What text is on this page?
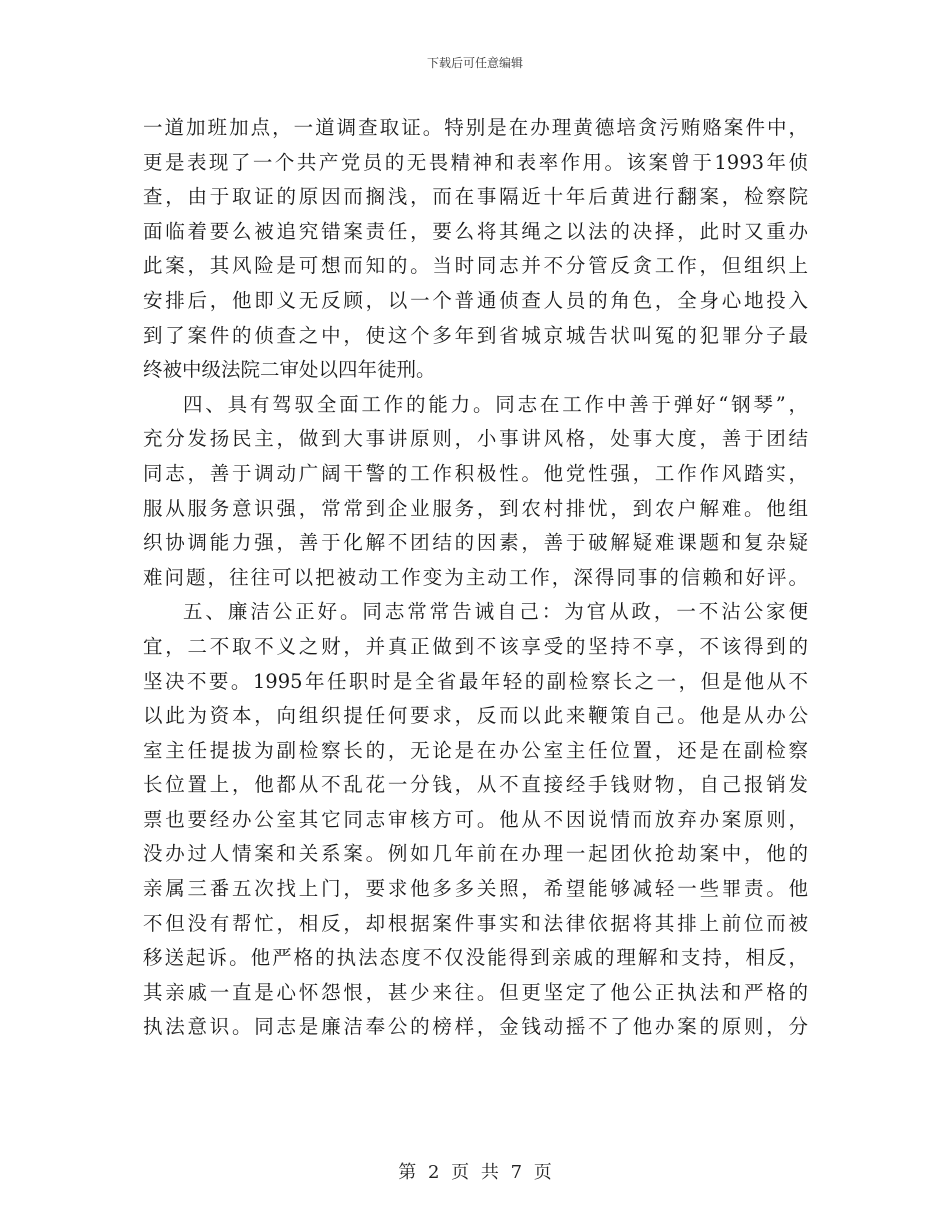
下载后可任意编辑
一道加班加点，一道调查取证。特别是在办理黄德培贪污贿赂案件中，
更是表现了一个共产党员的无畏精神和表率作用。该案曾于1993年侦
查，由于取证的原因而搁浅，而在事隔近十年后黄进行翻案，检察院
面临着要么被追究错案责任，要么将其绳之以法的决择，此时又重办
此案，其风险是可想而知的。当时同志并不分管反贪工作，但组织上
安排后，他即义无反顾，以一个普通侦查人员的角色，全身心地投入
到了案件的侦查之中，使这个多年到省城京城告状叫冤的犯罪分子最
终被中级法院二审处以四年徒刑。
四、具有驾驭全面工作的能力。同志在工作中善于弹好“钢琴”，
充分发扬民主，做到大事讲原则，小事讲风格，处事大度，善于团结
同志，善于调动广阔干警的工作积极性。他党性强，工作作风踏实，
服从服务意识强，常常到企业服务，到农村排忧，到农户解难。他组
织协调能力强，善于化解不团结的因素，善于破解疑难课题和复杂疑
难问题，往往可以把被动工作变为主动工作，深得同事的信赖和好评。
五、廉洁公正好。同志常常告诫自己：为官从政，一不沾公家便
宜，二不取不义之财，并真正做到不该享受的坚持不享，不该得到的
坚决不要。1995年任职时是全省最年轻的副检察长之一，但是他从不
以此为资本，向组织提任何要求，反而以此来鞭策自己。他是从办公
室主任提拔为副检察长的，无论是在办公室主任位置，还是在副检察
长位置上，他都从不乱花一分钱，从不直接经手钱财物，自己报销发
票也要经办公室其它同志审核方可。他从不因说情而放弃办案原则，
没办过人情案和关系案。例如几年前在办理一起团伙抢劫案中，他的
亲属三番五次找上门，要求他多多关照，希望能够减轻一些罪责。他
不但没有帮忙，相反，却根据案件事实和法律依据将其排上前位而被
移送起诉。他严格的执法态度不仅没能得到亲戚的理解和支持，相反，
其亲戚一直是心怀怨恨，甚少来往。但更坚定了他公正执法和严格的
执法意识。同志是廉洁奉公的榜样，金钱动摇不了他办案的原则，分
第 2 页 共 7 页
